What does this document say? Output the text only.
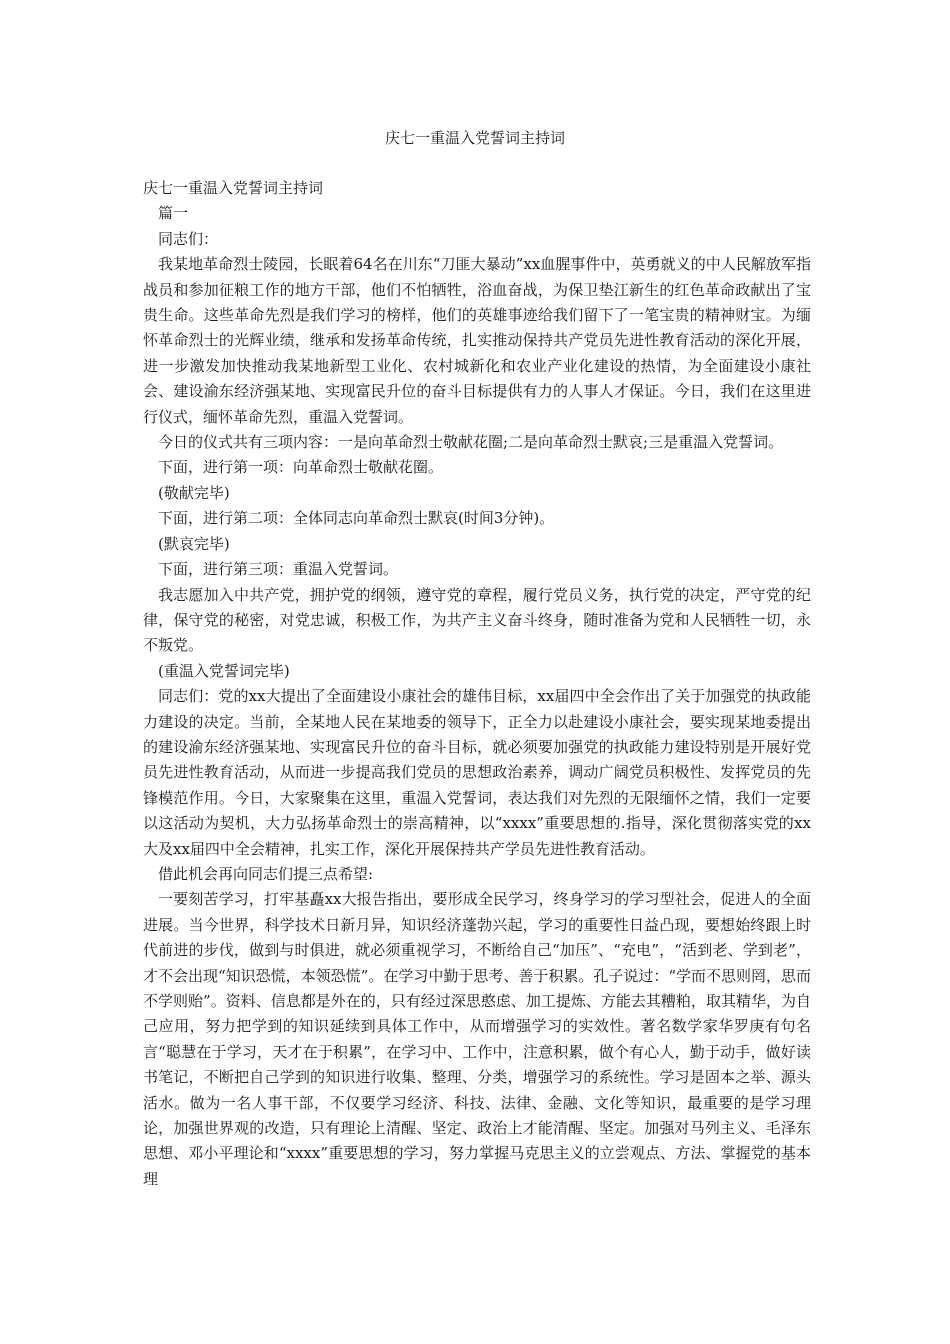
庆七一重温入党誓词主持词

庆七一重温入党誓词主持词

篇一

同志们：

我某地革命烈士陵园，长眠着64名在川东“刀匪大暴动”xx血腥事件中，英勇就义的中人民解放军指战员和参加征粮工作的地方干部，他们不怕牺牲，浴血奋战，为保卫垫江新生的红色革命政献出了宝贵生命。这些革命先烈是我们学习的榜样，他们的英雄事迹给我们留下了一笔宝贵的精神财宝。为缅怀革命烈士的光辉业绩，继承和发扬革命传统，扎实推动保持共产党员先进性教育活动的深化开展，进一步激发加快推动我某地新型工业化、农村城新化和农业产业化建设的热情，为全面建设小康社会、建设渝东经济强某地、实现富民升位的奋斗目标提供有力的人事人才保证。今日，我们在这里进行仪式，缅怀革命先烈，重温入党誓词。

今日的仪式共有三项内容：一是向革命烈士敬献花圈;二是向革命烈士默哀;三是重温入党誓词。

下面，进行第一项：向革命烈士敬献花圈。

(敬献完毕)

下面，进行第二项：全体同志向革命烈士默哀(时间3分钟)。

(默哀完毕)

下面，进行第三项：重温入党誓词。

我志愿加入中共产党，拥护党的纲领，遵守党的章程，履行党员义务，执行党的决定，严守党的纪律，保守党的秘密，对党忠诚，积极工作，为共产主义奋斗终身，随时准备为党和人民牺牲一切，永不叛党。

(重温入党誓词完毕)

同志们：党的xx大提出了全面建设小康社会的雄伟目标，xx届四中全会作出了关于加强党的执政能力建设的决定。当前，全某地人民在某地委的领导下，正全力以赴建设小康社会，要实现某地委提出的建设渝东经济强某地、实现富民升位的奋斗目标，就必须要加强党的执政能力建设特别是开展好党员先进性教育活动，从而进一步提高我们党员的思想政治素养，调动广阔党员积极性、发挥党员的先锋模范作用。今日，大家聚集在这里，重温入党誓词，表达我们对先烈的无限缅怀之情，我们一定要以这活动为契机，大力弘扬革命烈士的崇高精神，以“xxxx”重要思想的.指导，深化贯彻落实党的xx大及xx届四中全会精神，扎实工作，深化开展保持共产学员先进性教育活动。

借此机会再向同志们提三点希望:

一要刻苦学习，打牢基矗xx大报告指出，要形成全民学习，终身学习的学习型社会，促进人的全面进展。当今世界，科学技术日新月异，知识经济蓬勃兴起，学习的重要性日益凸现，要想始终跟上时代前进的步伐，做到与时俱进，就必须重视学习，不断给自己“加压”、“充电”，“活到老、学到老”，才不会出现“知识恐慌，本领恐慌”。在学习中勤于思考、善于积累。孔子说过：“学而不思则罔，思而不学则贻”。资料、信息都是外在的，只有经过深思憨虑、加工提炼、方能去其糟粕，取其精华，为自己应用，努力把学到的知识延续到具体工作中，从而增强学习的实效性。著名数学家华罗庚有句名言“聪慧在于学习，天才在于积累”，在学习中、工作中，注意积累，做个有心人，勤于动手，做好读书笔记，不断把自己学到的知识进行收集、整理、分类，增强学习的系统性。学习是固本之举、源头活水。做为一名人事干部，不仅要学习经济、科技、法律、金融、文化等知识，最重要的是学习理论，加强世界观的改造，只有理论上清醒、坚定、政治上才能清醒、坚定。加强对马列主义、毛泽东思想、邓小平理论和“xxxx”重要思想的学习，努力掌握马克思主义的立尝观点、方法、掌握党的基本理
